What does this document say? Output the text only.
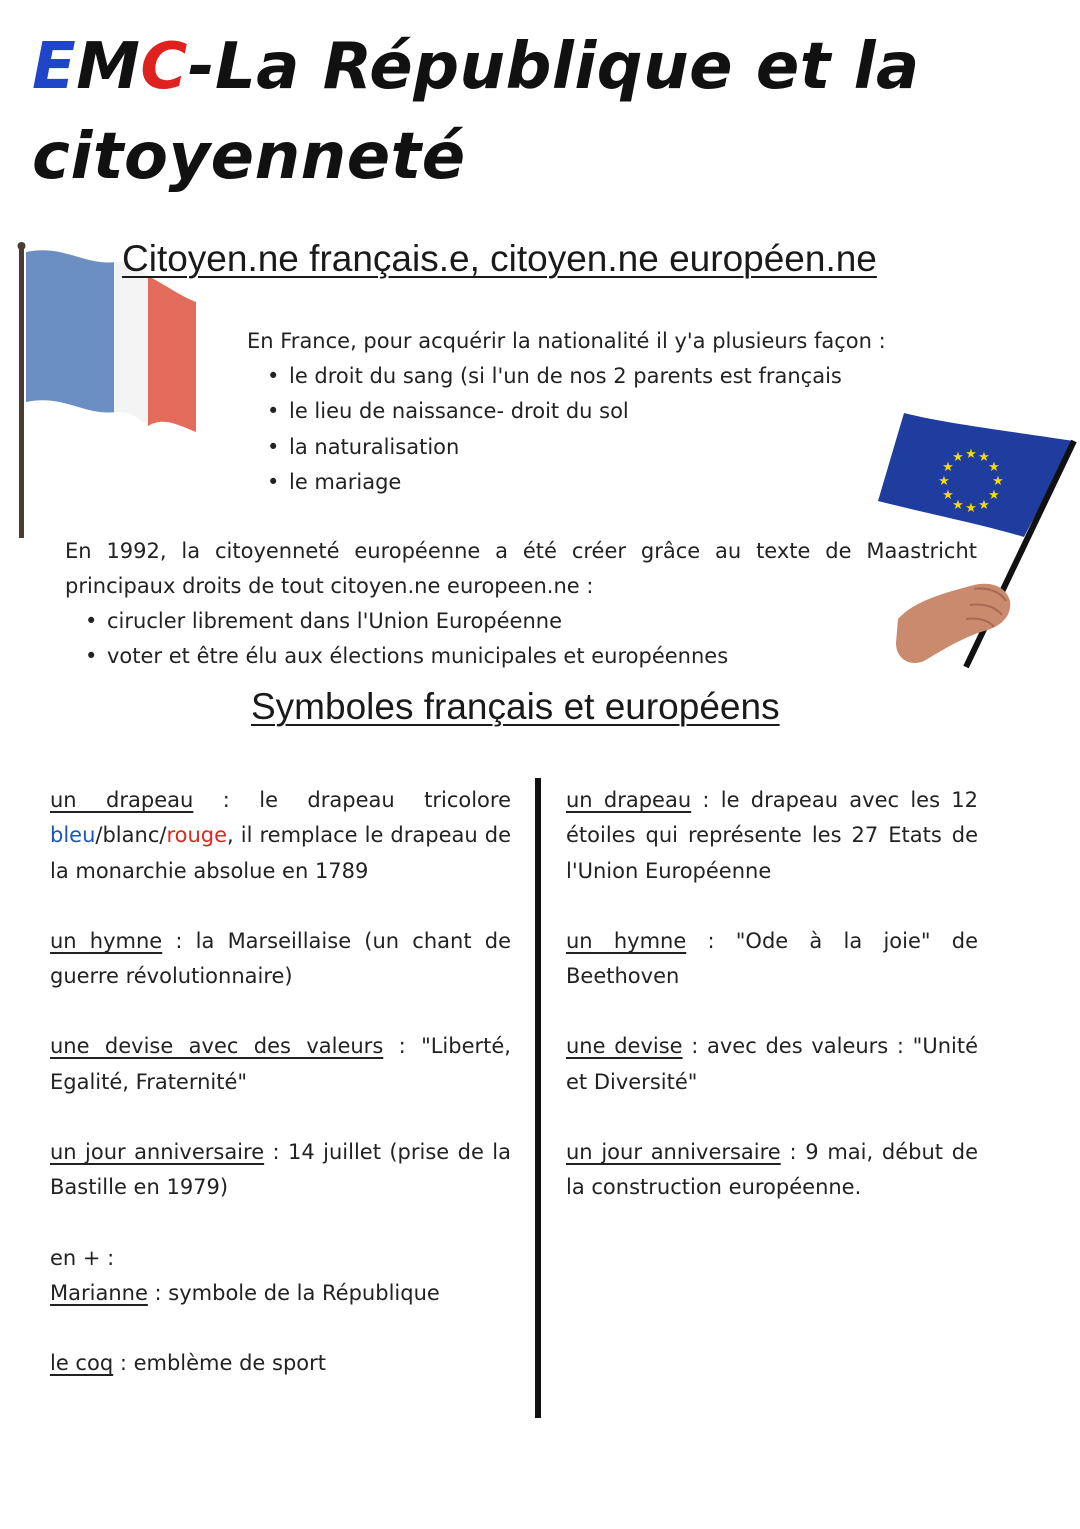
EMC-La République et la citoyenneté
Citoyen.ne français.e, citoyen.ne européen.ne
En France, pour acquérir la nationalité il y'a plusieurs façon :
• le droit du sang (si l'un de nos 2 parents est français
• le lieu de naissance- droit du sol
• la naturalisation
• le mariage
★ ★
★
★
★
★
★
★
★
★
★
★
En 1992, la citoyenneté européenne a été créer grâce au texte de Maastricht principaux droits de tout citoyen.ne europeen.ne :
• cirucler librement dans l'Union Européenne
• voter et être élu aux élections municipales et européennes
Symboles français et européens

un drapeau : le drapeau tricolore bleu/blanc/rouge, il remplace le drapeau de la monarchie absolue en 1789

un hymne : la Marseillaise (un chant de guerre révolutionnaire)

une devise avec des valeurs : "Liberté, Egalité, Fraternité"

un jour anniversaire : 14 juillet (prise de la Bastille en 1979)

en + :

Marianne : symbole de la République

le coq : emblème de sport

un drapeau : le drapeau avec les 12 étoiles qui représente les 27 Etats de l'Union Européenne

un hymne : "Ode à la joie" de Beethoven

une devise : avec des valeurs : "Unité et Diversité"

un jour anniversaire : 9 mai, début de la construction européenne.
